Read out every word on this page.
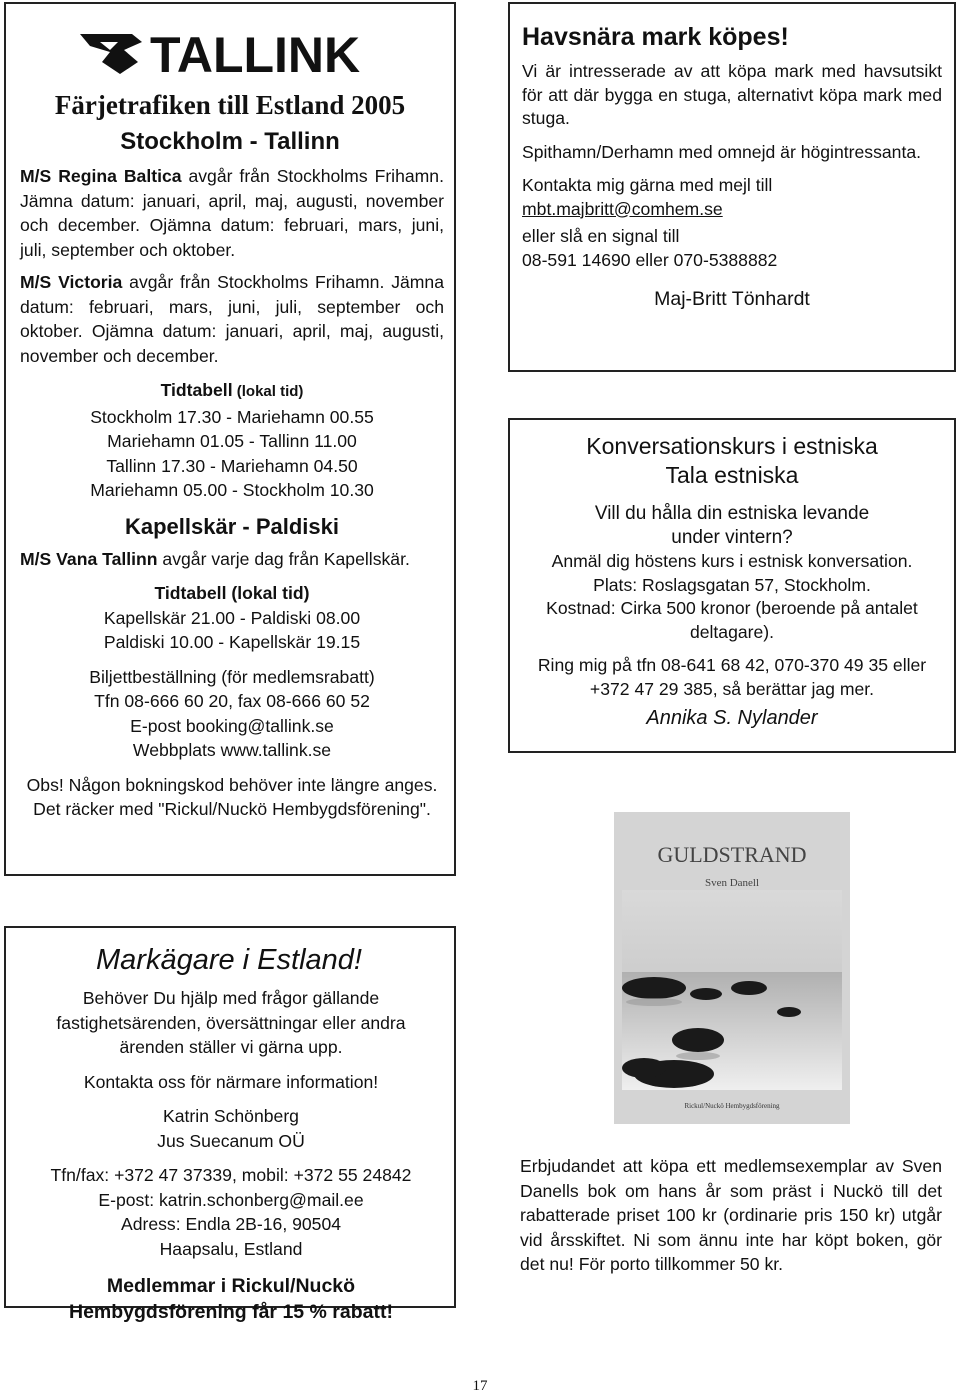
TALLINK
Färjetrafiken till Estland 2005
Stockholm - Tallinn

M/S Regina Baltica avgår från Stockholms Frihamn. Jämna datum: januari, april, maj, augusti, november och december. Ojämna datum: februari, mars, juni, juli, september och oktober.

M/S Victoria avgår från Stockholms Frihamn. Jämna datum: februari, mars, juni, juli, september och oktober. Ojämna datum: januari, april, maj, augusti, november och december.

Tidtabell (lokal tid)
Stockholm 17.30 - Mariehamn 00.55
Mariehamn 01.05 - Tallinn 11.00
Tallinn 17.30 - Mariehamn 04.50
Mariehamn 05.00 - Stockholm 10.30
Kapellskär - Paldiski

M/S Vana Tallinn avgår varje dag från Kapellskär.

Tidtabell (lokal tid)
Kapellskär 21.00 - Paldiski 08.00
Paldiski 10.00 - Kapellskär 19.15
Biljettbeställning (för medlemsrabatt)
Tfn 08-666 60 20, fax 08-666 60 52
E-post booking@tallink.se
Webbplats www.tallink.se
Obs! Någon bokningskod behöver inte längre anges. Det räcker med "Rickul/Nuckö Hembygdsförening".
Havsnära mark köpes!

Vi är intresserade av att köpa mark med havsutsikt för att där bygga en stuga, alternativt köpa mark med stuga.

Spithamn/Derhamn med omnejd är högintressanta.

Kontakta mig gärna med mejl till

mbt.majbritt@comhem.se

eller slå en signal till

08-591 14690 eller 070-5388882

Maj-Britt Tönhardt

Konversationskurs i estniska
Tala estniska

Vill du hålla din estniska levande under vintern?

Anmäl dig höstens kurs i estnisk konversation.

Plats: Roslagsgatan 57, Stockholm.

Kostnad: Cirka 500 kronor (beroende på antalet deltagare).

Ring mig på tfn 08-641 68 42, 070-370 49 35 eller +372 47 29 385, så berättar jag mer.

Annika S. Nylander

GULDSTRAND
Sven Danell
Rickul/Nuckö Hembygdsförening
Erbjudandet att köpa ett medlemsexemplar av Sven Danells bok om hans år som präst i Nuckö till det rabatterade priset 100 kr (ordinarie pris 150 kr) utgår vid årsskiftet. Ni som ännu inte har köpt boken, gör det nu! För porto tillkommer 50 kr.
Markägare i Estland!

Behöver Du hjälp med frågor gällande fastighetsärenden, översättningar eller andra ärenden ställer vi gärna upp.

Kontakta oss för närmare information!

Katrin Schönberg

Jus Suecanum OÜ

Tfn/fax: +372 47 37339, mobil: +372 55 24842

E-post: katrin.schonberg@mail.ee

Adress: Endla 2B-16, 90504 Haapsalu, Estland

Medlemmar i Rickul/Nuckö Hembygdsförening får 15 % rabatt!

17
